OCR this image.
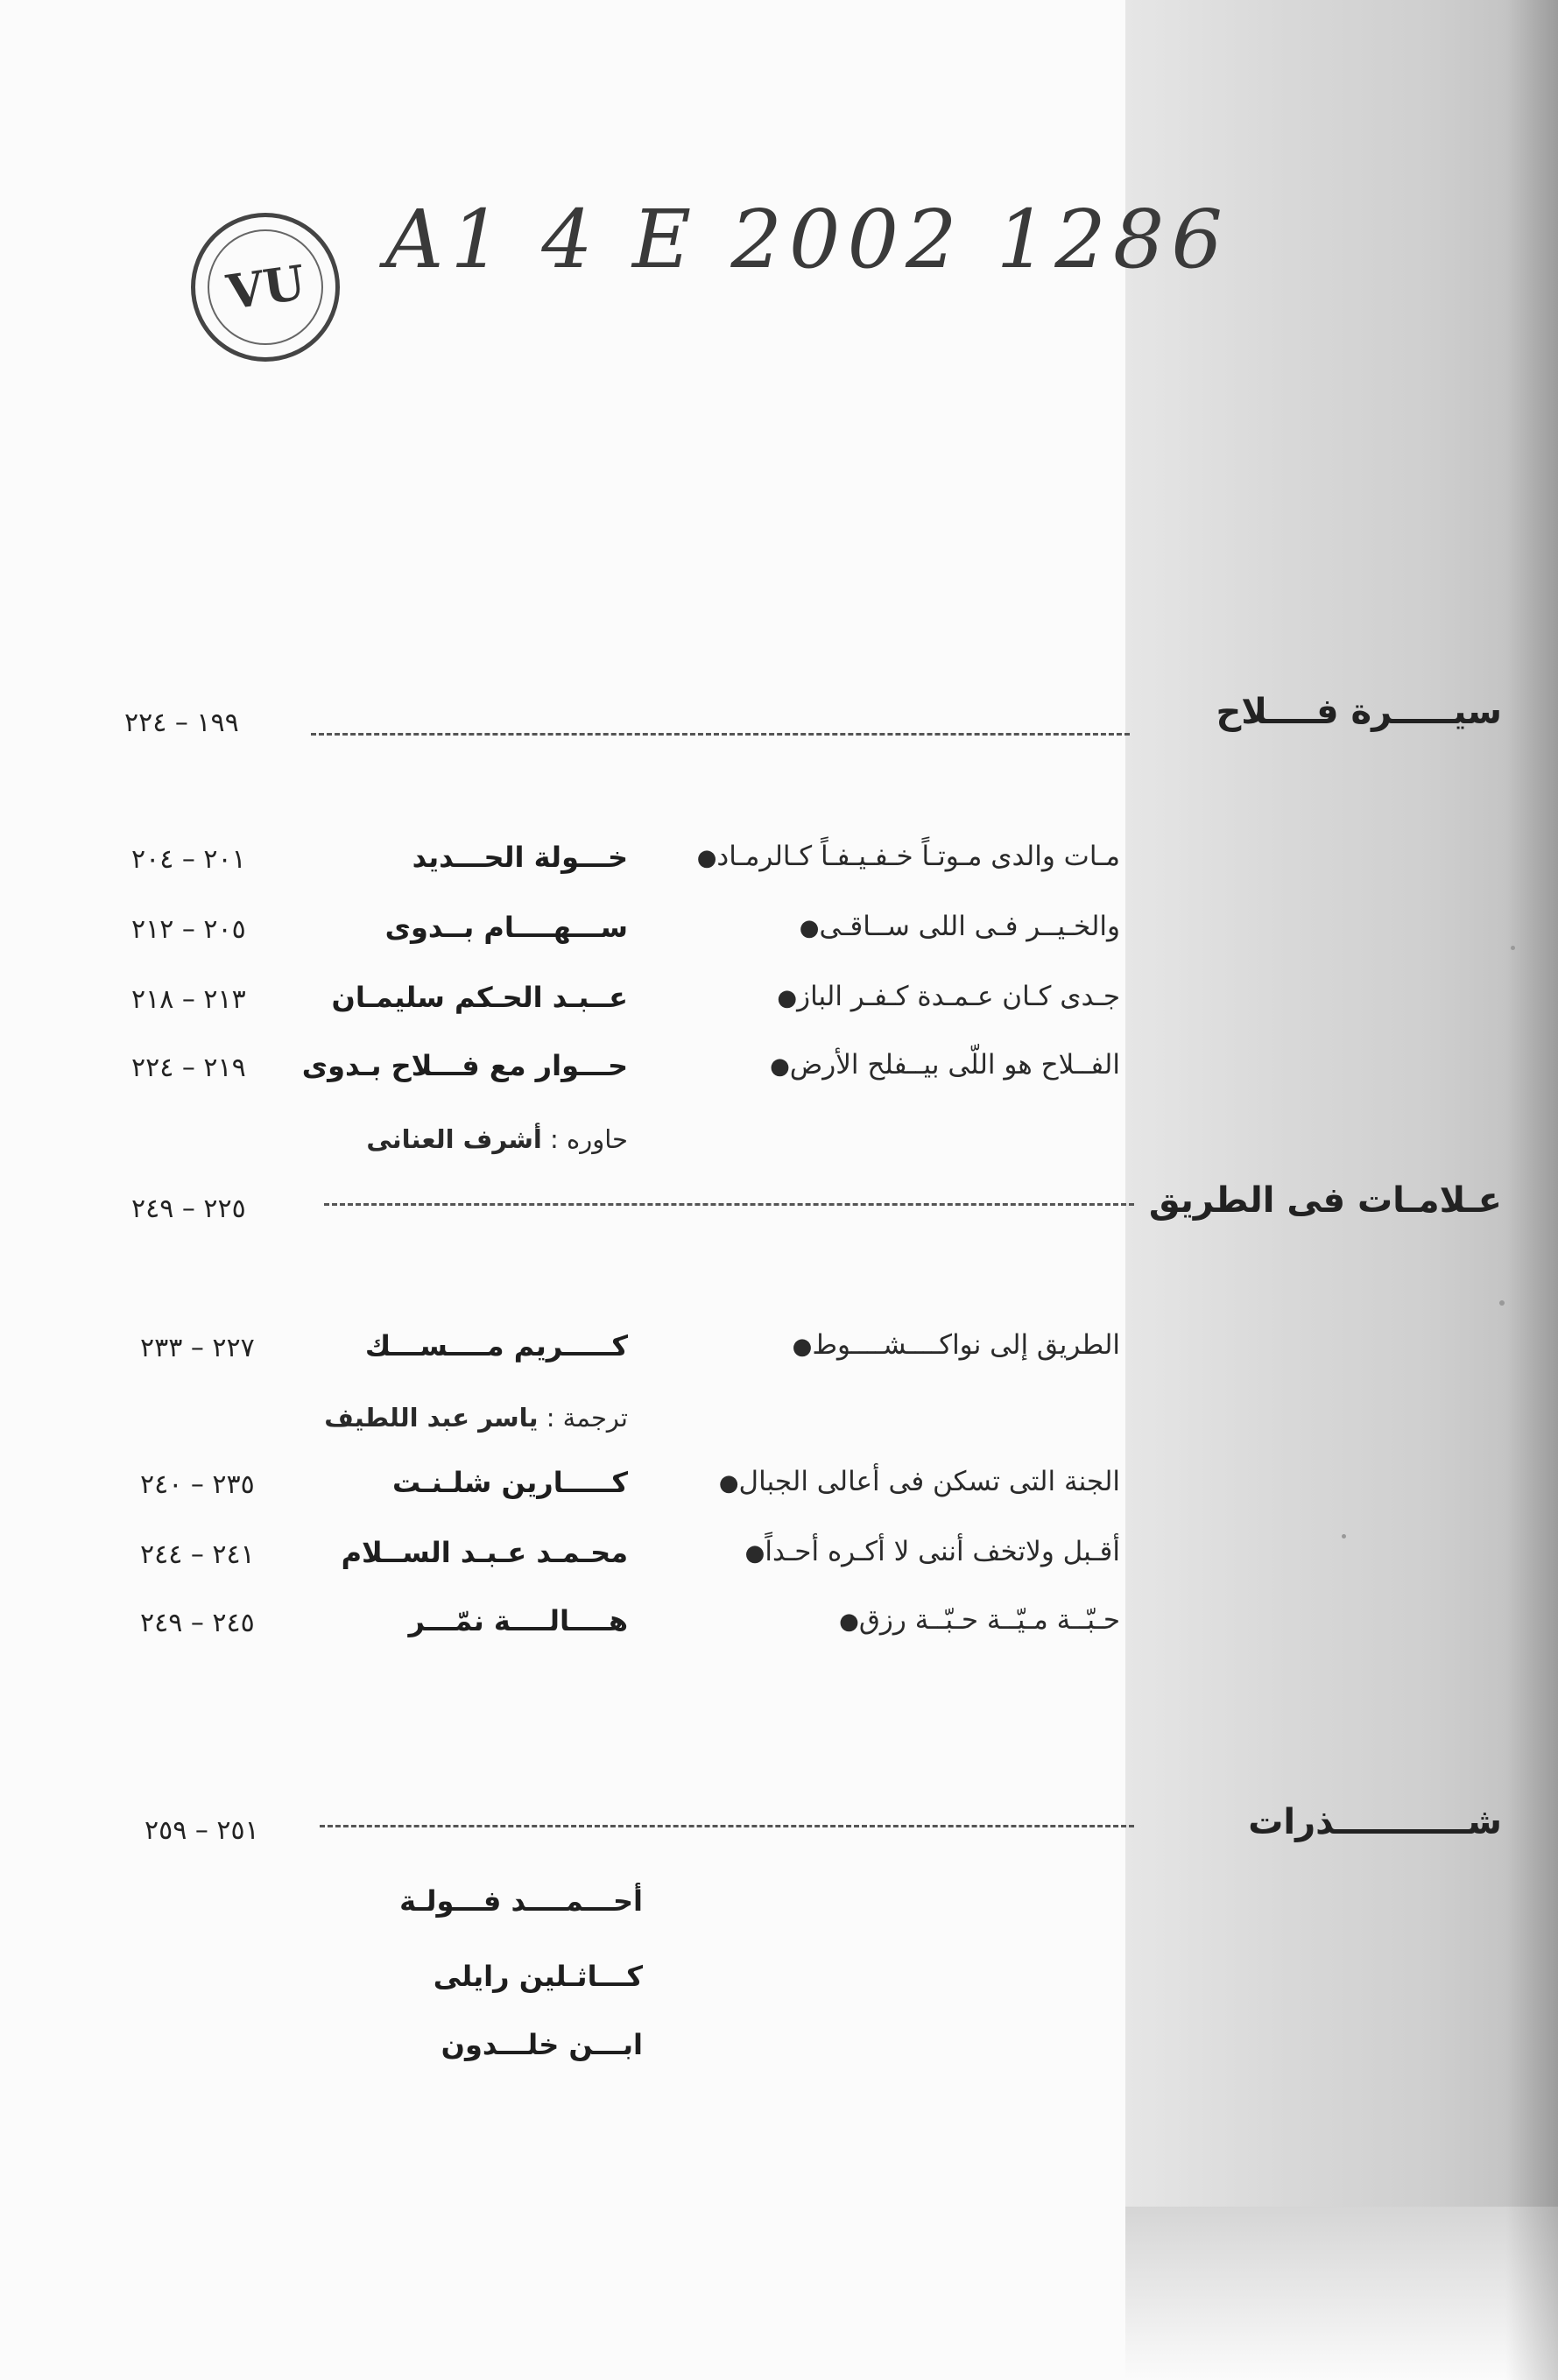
VU
A1 4 E 2002 1286
سيـــــرة فــــلاح
١٩٩ – ٢٢٤
مـات والدى مـوتـاً خـفـيـفـاً كـالرمـاد●
خـــولة الحـــديد
٢٠١ – ٢٠٤
والخـيــر فـى اللى ســاقـى●
ســـهــــام بــدوى
٢٠٥ – ٢١٢
جـدى كـان عـمـدة كـفـر الباز●
عــبـد الحـكم سليمـان
٢١٣ – ٢١٨
الفــلاح هو اللّى بيــفلح الأرض●
حـــوار مع فـــلاح بـدوى
٢١٩ – ٢٢٤
حاوره : أشرف العنانى
عـلامـات فى الطريق
٢٢٥ – ٢٤٩
الطريق إلى نواكــــشــــوط●
كـــــريم مــــســـك
٢٢٧ – ٢٣٣
ترجمة : ياسر عبد اللطيف
الجنة التى تسكن فى أعالى الجبال●
كـــــارين شلـنـت
٢٣٥ – ٢٤٠
أقـبل ولاتخف أننى لا أكـره أحـداً●
محـمـد عـبـد الســلام
٢٤١ – ٢٤٤
حـبّــة مـيّــة حـبّــة رزق●
هــــالــــة نمّـــر
٢٤٥ – ٢٤٩
شـــــــــــذرات
٢٥١ – ٢٥٩
أحـــمــــد فـــولـة
كـــاثـلين رايلى
ابـــن خلـــدون
